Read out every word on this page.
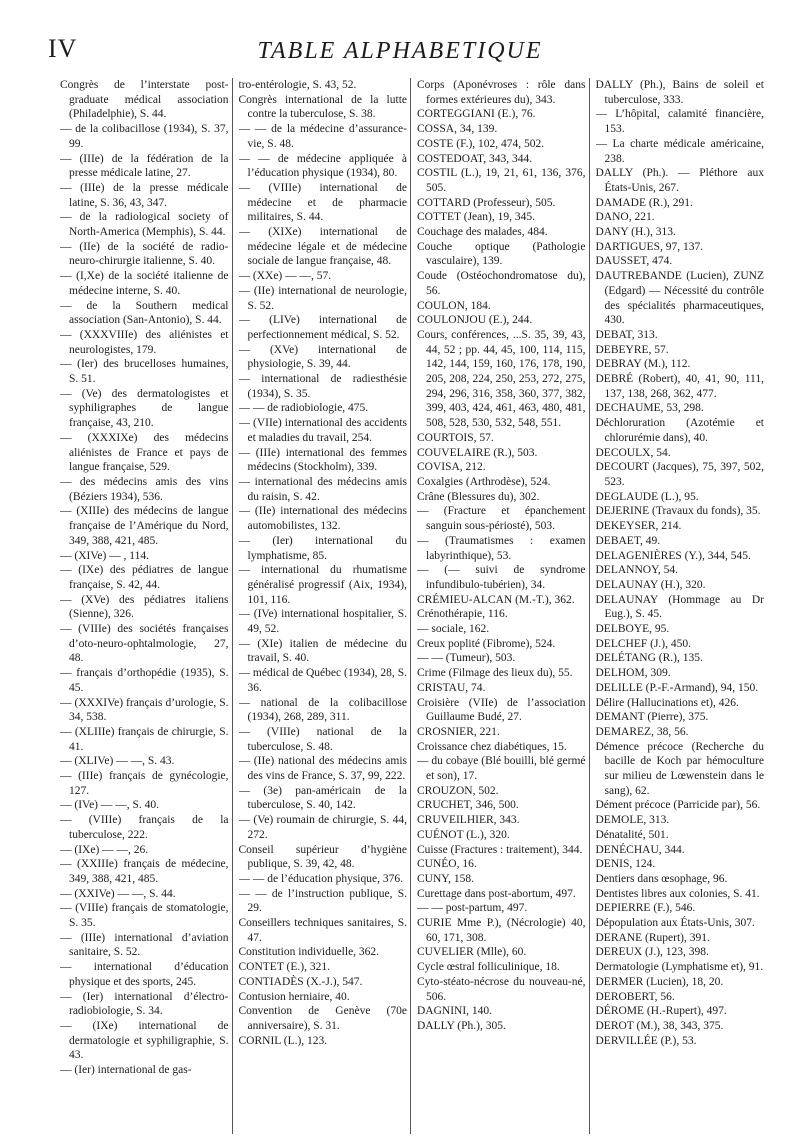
IV	TABLE ALPHABETIQUE
Congrès de l’interstate post-graduate médical association (Philadelphie), S. 44.
— de la colibacillose (1934), S. 37, 99.
— (IIIe) de la fédération de la presse médicale latine, 27.
— (IIIe) de la presse médicale latine, S. 36, 43, 347.
— de la radiological society of North-America (Memphis), S. 44.
— (IIe) de la société de radio-neuro-chirurgie italienne, S. 40.
— (I,Xe) de la société italienne de médecine interne, S. 40.
— de la Southern medical association (San-Antonio), S. 44.
— (XXXVIIIe) des aliénistes et neurologistes, 179.
— (Ier) des brucelloses humaines, S. 51.
— (Ve) des dermatologistes et syphiligraphes de langue française, 43, 210.
— (XXXIXe) des médecins aliénistes de France et pays de langue française, 529.
— des médecins amis des vins (Béziers 1934), 536.
— (XIIIe) des médecins de langue française de l’Amérique du Nord, 349, 388, 421, 485.
— (XIVe) — , 114.
— (IXe) des pédiatres de langue française, S. 42, 44.
— (XVe) des pédiatres italiens (Sienne), 326.
— (VIIIe) des sociétés françaises d’oto-neuro-ophtalmologie, 27, 48.
— français d’orthopédie (1935), S. 45.
— (XXXIVe) français d’urologie, S. 34, 538.
— (XLIIIe) français de chirurgie, S. 41.
— (XLIVe) — —, S. 43.
— (IIIe) français de gynécologie, 127.
— (IVe) — —, S. 40.
— (VIIIe) français de la tuberculose, 222.
— (IXe) — —, 26.
— (XXIIIe) français de médecine, 349, 388, 421, 485.
— (XXIVe) — —, S. 44.
— (VIIIe) français de stomatologie, S. 35.
— (IIIe) international d’aviation sanitaire, S. 52.
— international d’éducation physique et des sports, 245.
— (Ier) international d’électro-radiobiologie, S. 34.
— (IXe) international de dermatologie et syphiligraphie, S. 43.
— (Ier) international de gas-
tro-entérologie, S. 43, 52.
Congrès international de la lutte contre la tuberculose, S. 38.
— — de la médecine d’assurance-vie, S. 48.
— — de médecine appliquée à l’éducation physique (1934), 80.
— (VIIIe) international de médecine et de pharmacie militaires, S. 44.
— (XIXe) international de médecine légale et de médecine sociale de langue française, 48.
— (XXe) — —, 57.
— (IIe) international de neurologie, S. 52.
— (LIVe) international de perfectionnement médical, S. 52.
— (XVe) international de physiologie, S. 39, 44.
— international de radiesthésie (1934), S. 35.
— — de radiobiologie, 475.
— (VIIe) international des accidents et maladies du travail, 254.
— (IIIe) international des femmes médecins (Stockholm), 339.
— international des médecins amis du raisin, S. 42.
— (IIe) international des médecins automobilistes, 132.
— (Ier) international du lymphatisme, 85.
— international du rhumatisme généralisé progressif (Aix, 1934), 101, 116.
— (IVe) international hospitalier, S. 49, 52.
— (XIe) italien de médecine du travail, S. 40.
— médical de Québec (1934), 28, S. 36.
— national de la colibacillose (1934), 268, 289, 311.
— (VIIIe) national de la tuberculose, S. 48.
— (IIe) national des médecins amis des vins de France, S. 37, 99, 222.
— (3e) pan-américain de la tuberculose, S. 40, 142.
— (Ve) roumain de chirurgie, S. 44, 272.
Conseil supérieur d’hygiène publique, S. 39, 42, 48.
— — de l’éducation physique, 376.
— — de l’instruction publique, S. 29.
Conseillers techniques sanitaires, S. 47.
Constitution individuelle, 362.
CONTET (E.), 321.
CONTIADÈS (X.-J.), 547.
Contusion herniaire, 40.
Convention de Genève (70e anniversaire), S. 31.
CORNIL (L.), 123.
Corps (Aponévroses : rôle dans formes extérieures du), 343.
CORTEGGIANI (E.), 76.
COSSA, 34, 139.
COSTE (F.), 102, 474, 502.
COSTEDOAT, 343, 344.
COSTIL (L.), 19, 21, 61, 136, 376, 505.
COTTARD (Professeur), 505.
COTTET (Jean), 19, 345.
Couchage des malades, 484.
Couche optique (Pathologie vasculaire), 139.
Coude (Ostéochondromatose du), 56.
COULON, 184.
COULONJOU (E.), 244.
Cours, conférences, ...S. 35, 39, 43, 44, 52 ; pp. 44, 45, 100, 114, 115, 142, 144, 159, 160, 176, 178, 190, 205, 208, 224, 250, 253, 272, 275, 294, 296, 316, 358, 360, 377, 382, 399, 403, 424, 461, 463, 480, 481, 508, 528, 530, 532, 548, 551.
COURTOIS, 57.
COUVELAIRE (R.), 503.
COVISA, 212.
Coxalgies (Arthrodèse), 524.
Crâne (Blessures du), 302.
— (Fracture et épanchement sanguin sous-périosté), 503.
— (Traumatismes : examen labyrinthique), 53.
— (— suivi de syndrome infundibulo-tubérien), 34.
CRÉMIEU-ALCAN (M.-T.), 362.
Crénothérapie, 116.
— sociale, 162.
Creux poplité (Fibrome), 524.
— — (Tumeur), 503.
Crime (Filmage des lieux du), 55.
CRISTAU, 74.
Croisière (VIIe) de l’association Guillaume Budé, 27.
CROSNIER, 221.
Croissance chez diabétiques, 15.
— du cobaye (Blé bouilli, blé germé et son), 17.
CROUZON, 502.
CRUCHET, 346, 500.
CRUVEILHIER, 343.
CUÉNOT (L.), 320.
Cuisse (Fractures : traitement), 344.
CUNÉO, 16.
CUNY, 158.
Curettage dans post-abortum, 497.
— — post-partum, 497.
CURIE Mme P.), (Nécrologie) 40, 60, 171, 308.
CUVELIER (Mlle), 60.
Cycle œstral folliculinique, 18.
Cyto-stéato-nécrose du nouveau-né, 506.
DAGNINI, 140.
DALLY (Ph.), 305.
DALLY (Ph.), Bains de soleil et tuberculose, 333.
— L’hôpital, calamité financière, 153.
— La charte médicale américaine, 238.
DALLY (Ph.). — Pléthore aux États-Unis, 267.
DAMADE (R.), 291.
DANO, 221.
DANY (H.), 313.
DARTIGUES, 97, 137.
DAUSSET, 474.
DAUTREBANDE (Lucien), ZUNZ (Edgard) — Nécessité du contrôle des spécialités pharmaceutiques, 430.
DEBAT, 313.
DEBEYRE, 57.
DEBRAY (M.), 112.
DEBRÉ (Robert), 40, 41, 90, 111, 137, 138, 268, 362, 477.
DECHAUME, 53, 298.
Déchloruration (Azotémie et chlorurémie dans), 40.
DECOULX, 54.
DECOURT (Jacques), 75, 397, 502, 523.
DEGLAUDE (L.), 95.
DEJERINE (Travaux du fonds), 35.
DEKEYSER, 214.
DEBAET, 49.
DELAGENIÈRES (Y.), 344, 545.
DELANNOY, 54.
DELAUNAY (H.), 320.
DELAUNAY (Hommage au Dr Eug.), S. 45.
DELBOYE, 95.
DELCHEF (J.), 450.
DELÉTANG (R.), 135.
DELHOM, 309.
DELILLE (P.-F.-Armand), 94, 150.
Délire (Hallucinations et), 426.
DEMANT (Pierre), 375.
DEMAREZ, 38, 56.
Démence précoce (Recherche du bacille de Koch par hémoculture sur milieu de Lœwenstein dans le sang), 62.
Dément précoce (Parricide par), 56.
DEMOLE, 313.
Dénatalité, 501.
DENÉCHAU, 344.
DENIS, 124.
Dentiers dans œsophage, 96.
Dentistes libres aux colonies, S. 41.
DEPIERRE (F.), 546.
Dépopulation aux États-Unis, 307.
DERANE (Rupert), 391.
DEREUX (J.), 123, 398.
Dermatologie (Lymphatisme et), 91.
DERMER (Lucien), 18, 20.
DEROBERT, 56.
DÉROME (H.-Rupert), 497.
DEROT (M.), 38, 343, 375.
DERVILLÉE (P.), 53.
